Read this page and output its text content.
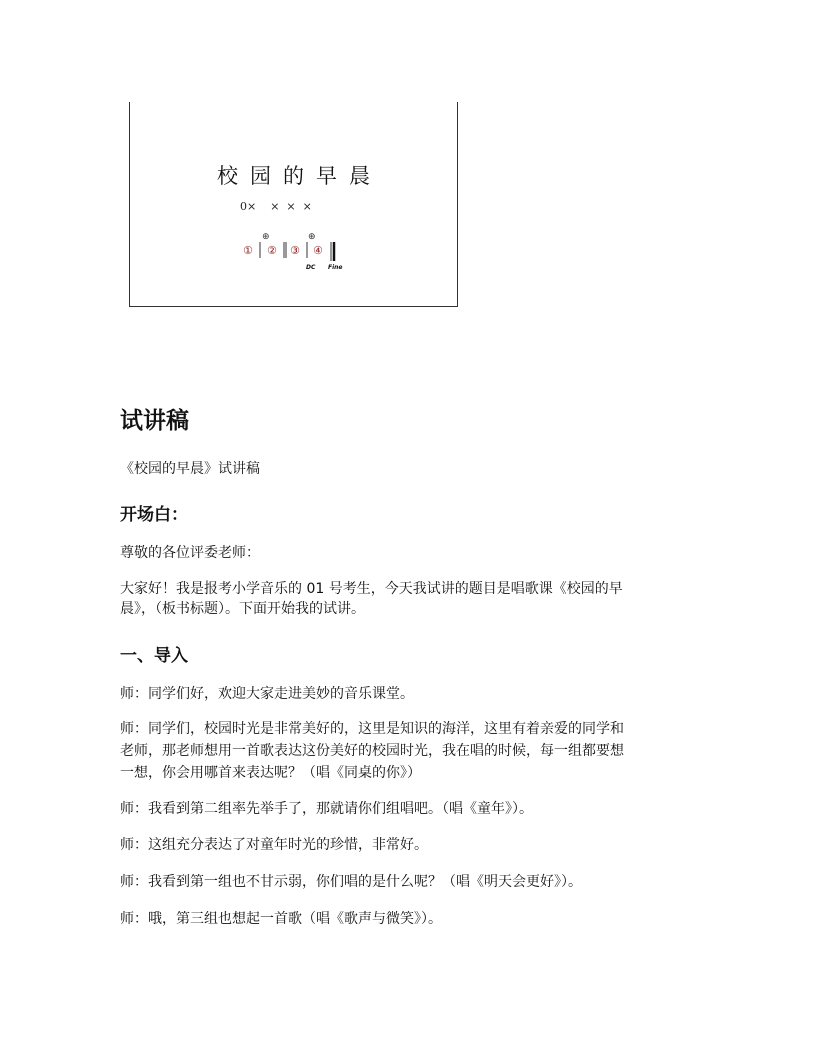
校园的早晨
0×    ×  ×  ×
⊕	⊕
① ② ③ ④
DC Fine
试讲稿

《校园的早晨》试讲稿

开场白：

尊敬的各位评委老师：

大家好！我是报考小学音乐的 01 号考生，今天我试讲的题目是唱歌课《校园的早

晨》，（板书标题）。下面开始我的试讲。

一、导入

师：同学们好，欢迎大家走进美妙的音乐课堂。

师：同学们，校园时光是非常美好的，这里是知识的海洋，这里有着亲爱的同学和

老师，那老师想用一首歌表达这份美好的校园时光，我在唱的时候，每一组都要想

一想，你会用哪首来表达呢？（唱《同桌的你》）

师：我看到第二组率先举手了，那就请你们组唱吧。（唱《童年》）。

师：这组充分表达了对童年时光的珍惜，非常好。

师：我看到第一组也不甘示弱，你们唱的是什么呢？（唱《明天会更好》）。

师：哦，第三组也想起一首歌（唱《歌声与微笑》）。
